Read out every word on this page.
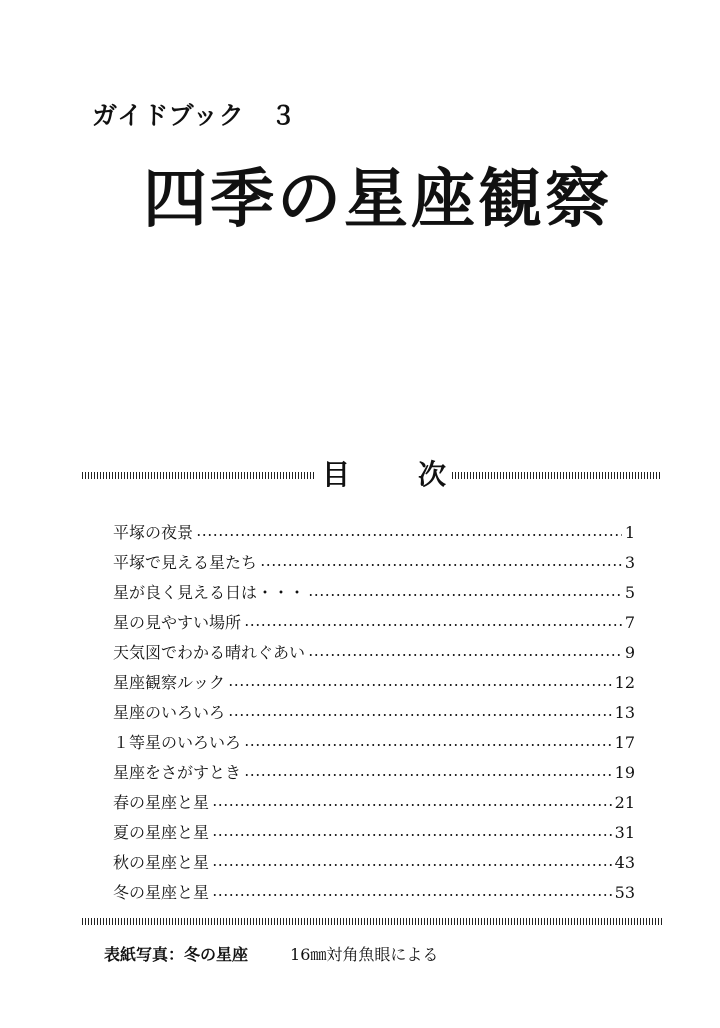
ガイドブック　３
四季の星座観察
目 次
平塚の夜景	1
平塚で見える星たち	3
星が良く見える日は・・・	5
星の見やすい場所	7
天気図でわかる晴れぐあい	9
星座観察ルック	12
星座のいろいろ	13
１等星のいろいろ	17
星座をさがすとき	19
春の星座と星	21
夏の星座と星	31
秋の星座と星	43
冬の星座と星	53
表紙写真：冬の星座	16㎜対角魚眼による
